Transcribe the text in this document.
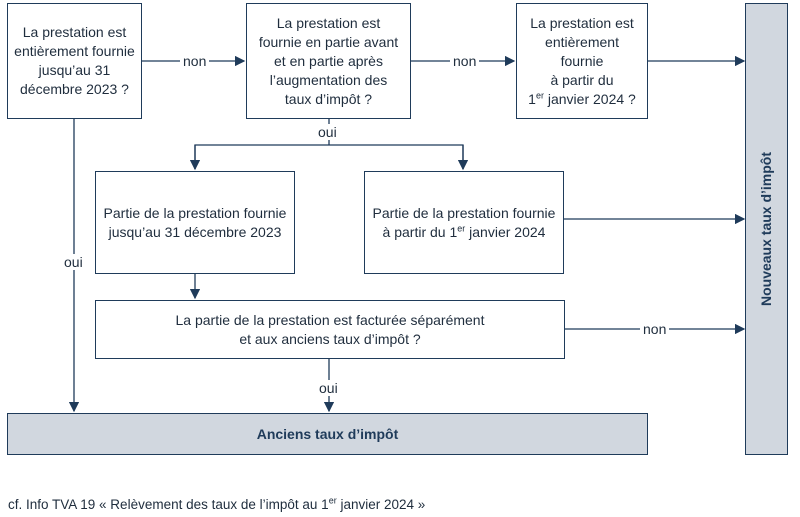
La prestation est
entièrement fournie
jusqu’au 31
décembre 2023 ?
La prestation est
fournie en partie avant
et en partie après
l’augmentation des
taux d’impôt ?
La prestation est
entièrement fournie
à partir du
1er janvier 2024 ?
Partie de la prestation fournie
jusqu’au 31 décembre 2023
Partie de la prestation fournie
à partir du 1er janvier 2024
La partie de la prestation est facturée séparément
et aux anciens taux d’impôt ?
Anciens taux d’impôt
Nouveaux taux d’impôt
non	non
oui
oui
oui
non
cf. Info TVA 19 « Relèvement des taux de l’impôt au 1er janvier 2024 »
